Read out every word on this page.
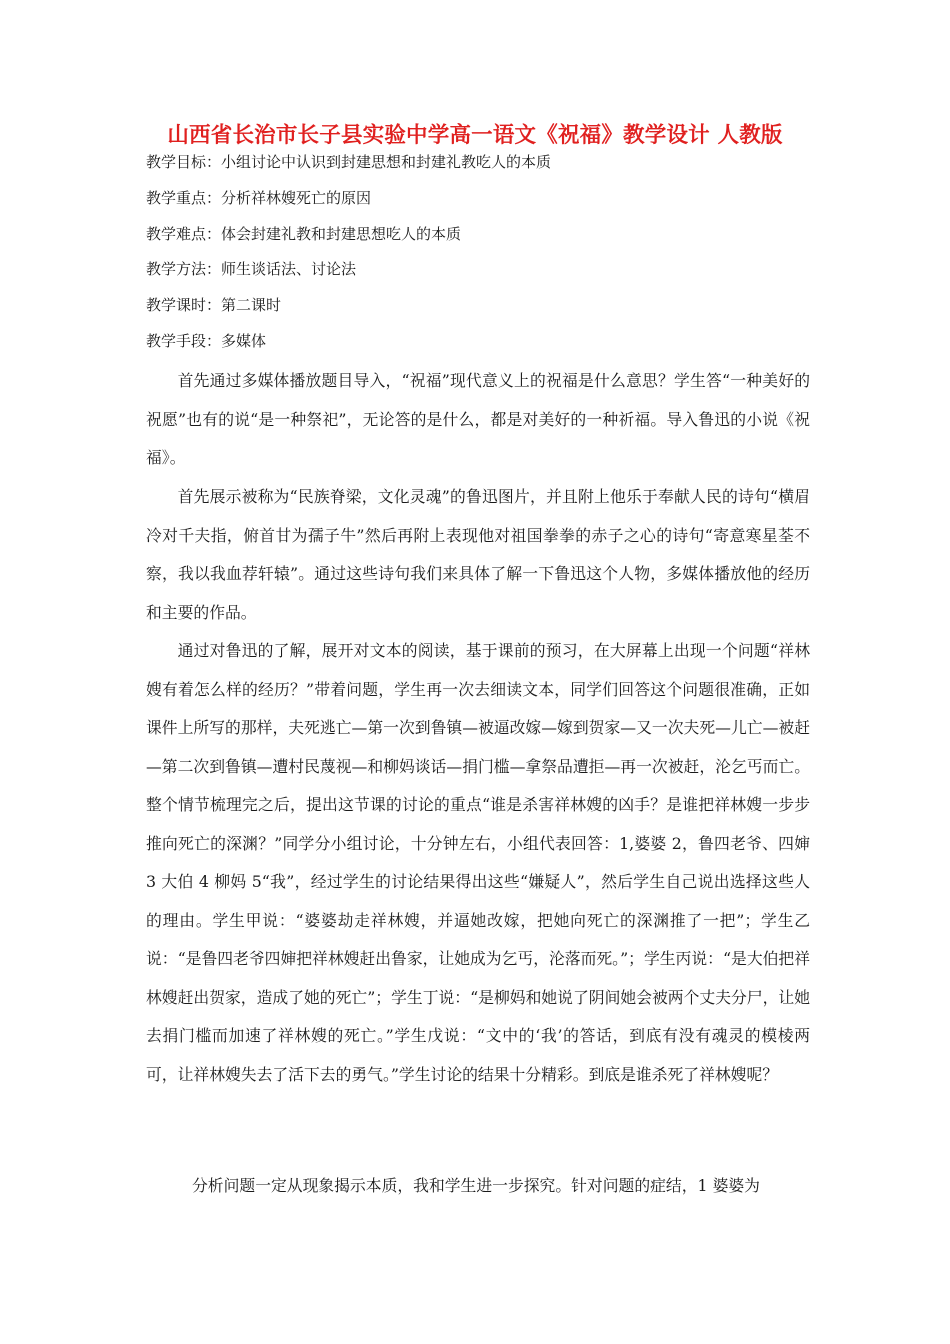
山西省长治市长子县实验中学高一语文《祝福》教学设计 人教版
教学目标：小组讨论中认识到封建思想和封建礼教吃人的本质
教学重点：分析祥林嫂死亡的原因
教学难点：体会封建礼教和封建思想吃人的本质
教学方法：师生谈话法、讨论法
教学课时：第二课时
教学手段：多媒体
首先通过多媒体播放题目导入，“祝福”现代意义上的祝福是什么意思？学生答“一种美好的祝愿”也有的说“是一种祭祀”，无论答的是什么，都是对美好的一种祈福。导入鲁迅的小说《祝福》。
首先展示被称为“民族脊梁，文化灵魂”的鲁迅图片，并且附上他乐于奉献人民的诗句“横眉冷对千夫指，俯首甘为孺子牛”然后再附上表现他对祖国拳拳的赤子之心的诗句“寄意寒星荃不察，我以我血荐轩辕”。通过这些诗句我们来具体了解一下鲁迅这个人物，多媒体播放他的经历和主要的作品。
通过对鲁迅的了解，展开对文本的阅读，基于课前的预习，在大屏幕上出现一个问题“祥林嫂有着怎么样的经历？”带着问题，学生再一次去细读文本，同学们回答这个问题很准确，正如课件上所写的那样，夫死逃亡—第一次到鲁镇—被逼改嫁—嫁到贺家—又一次夫死—儿亡—被赶—第二次到鲁镇—遭村民蔑视—和柳妈谈话—捐门槛—拿祭品遭拒—再一次被赶，沦乞丐而亡。整个情节梳理完之后，提出这节课的讨论的重点“谁是杀害祥林嫂的凶手？是谁把祥林嫂一步步推向死亡的深渊？”同学分小组讨论，十分钟左右，小组代表回答：1,婆婆 2，鲁四老爷、四婶 3 大伯 4 柳妈 5“我”，经过学生的讨论结果得出这些“嫌疑人”，然后学生自己说出选择这些人的理由。学生甲说：“婆婆劫走祥林嫂，并逼她改嫁，把她向死亡的深渊推了一把”；学生乙说：“是鲁四老爷四婶把祥林嫂赶出鲁家，让她成为乞丐，沦落而死。”；学生丙说：“是大伯把祥林嫂赶出贺家，造成了她的死亡”；学生丁说：“是柳妈和她说了阴间她会被两个丈夫分尸，让她去捐门槛而加速了祥林嫂的死亡。”学生戊说：“文中的‘我’的答话，到底有没有魂灵的模棱两可，让祥林嫂失去了活下去的勇气。”学生讨论的结果十分精彩。到底是谁杀死了祥林嫂呢？
分析问题一定从现象揭示本质，我和学生进一步探究。针对问题的症结，1 婆婆为
